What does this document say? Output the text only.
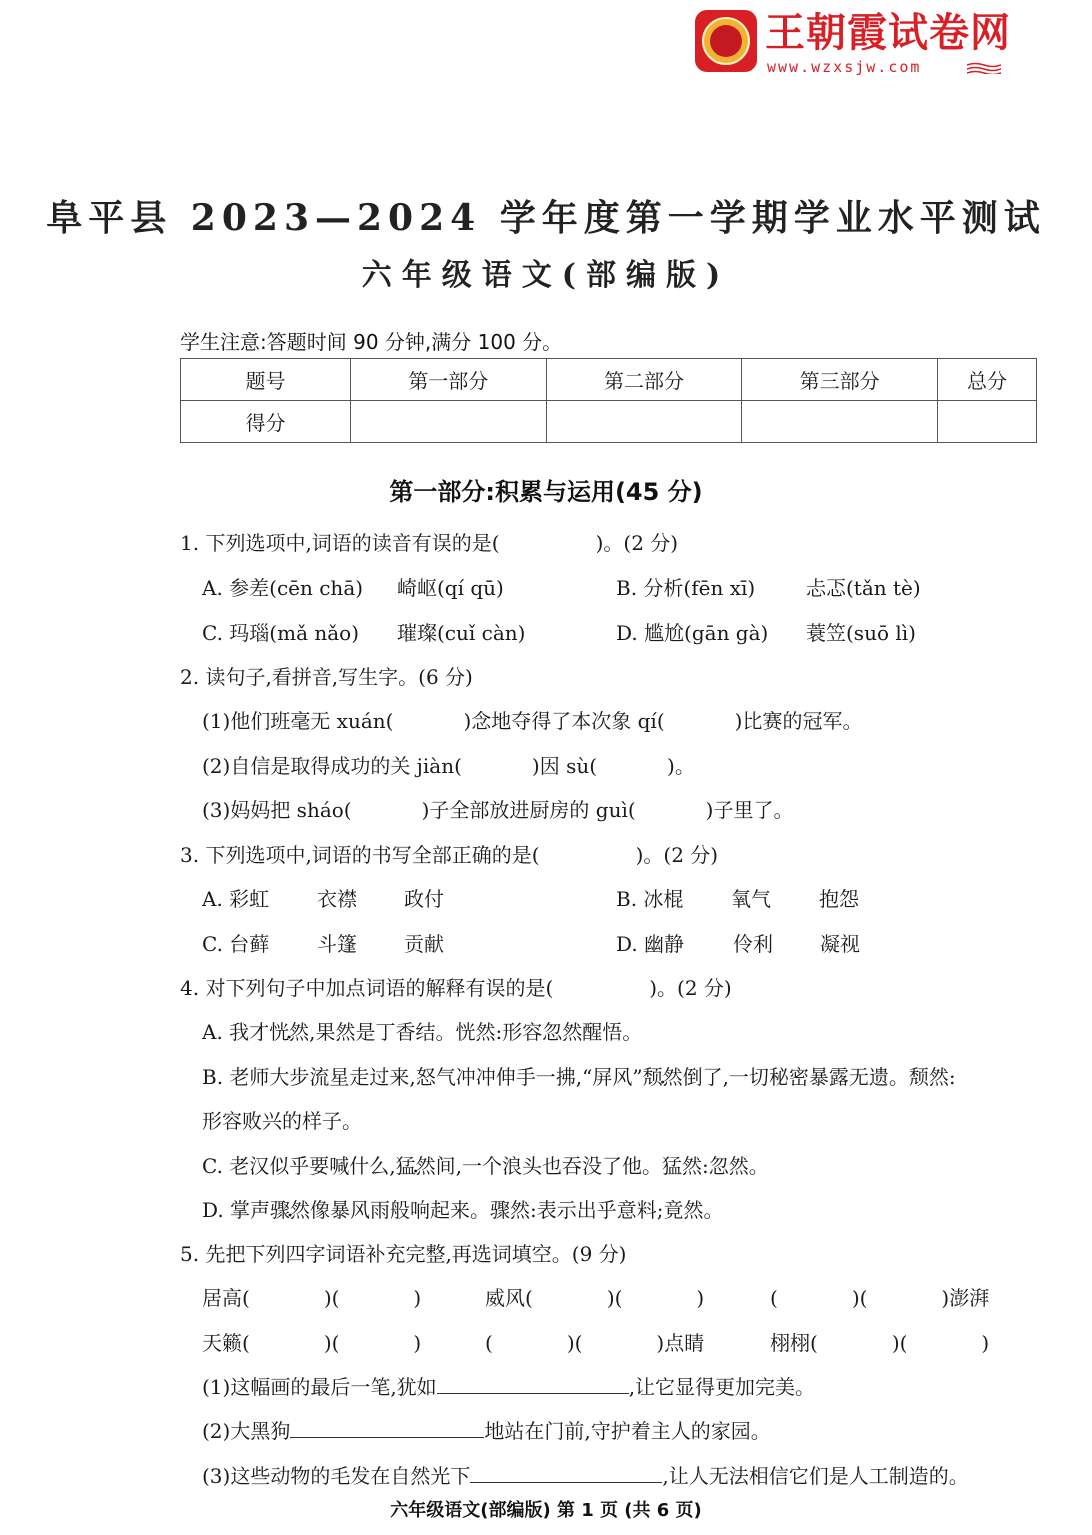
王朝霞试卷网
www.wzxsjw.com
阜平县 2023—2024 学年度第一学期学业水平测试
六年级语文(部编版)
学生注意:答题时间 90 分钟,满分 100 分。
题号	第一部分	第二部分	第三部分	总分
得分				
第一部分:积累与运用(45 分)
1. 下列选项中,词语的读音有误的是(	)。(2 分)
A. 参差(cēn chā) 崎岖(qí qū)	B. 分析(fēn xī)	忐忑(tǎn tè)
C. 玛瑙(mǎ nǎo) 璀璨(cuǐ càn)	D. 尴尬(gān gà) 蓑笠(suō lì)
2. 读句子,看拼音,写生字。(6 分)
(1)他们班毫无 xuán(	)念地夺得了本次象 qí(	)比赛的冠军。
(2)自信是取得成功的关 jiàn(	)因 sù(	)。
(3)妈妈把 sháo(	)子全部放进厨房的 guì(	)子里了。
3. 下列选项中,词语的书写全部正确的是(	)。(2 分)
A. 彩虹 衣襟 政付	B. 冰棍 氧气 抱怨
C. 台藓 斗篷 贡献	D. 幽静 伶利 凝视
4. 对下列句子中加点词语的解释有误的是(	)。(2 分)
A. 我才恍然,果然是丁香结。恍然:形容忽然醒悟。
B. 老师大步流星走过来,怒气冲冲伸手一拂,“屏风”颓然倒了,一切秘密暴露无遗。颓然:
形容败兴的样子。
C. 老汉似乎要喊什么,猛然间,一个浪头也吞没了他。猛然:忽然。
D. 掌声骤然像暴风雨般响起来。骤然:表示出乎意料;竟然。
5. 先把下列四字词语补充完整,再选词填空。(9 分)
居高(	)(	)	威风(	)(	)	(	)(	)澎湃
天籁(	)(	)	(	)(	)点睛	栩栩(	)(	)
(1)这幅画的最后一笔,犹如	,让它显得更加完美。
(2)大黑狗	地站在门前,守护着主人的家园。
(3)这些动物的毛发在自然光下	,让人无法相信它们是人工制造的。
六年级语文(部编版) 第 1 页 (共 6 页)
